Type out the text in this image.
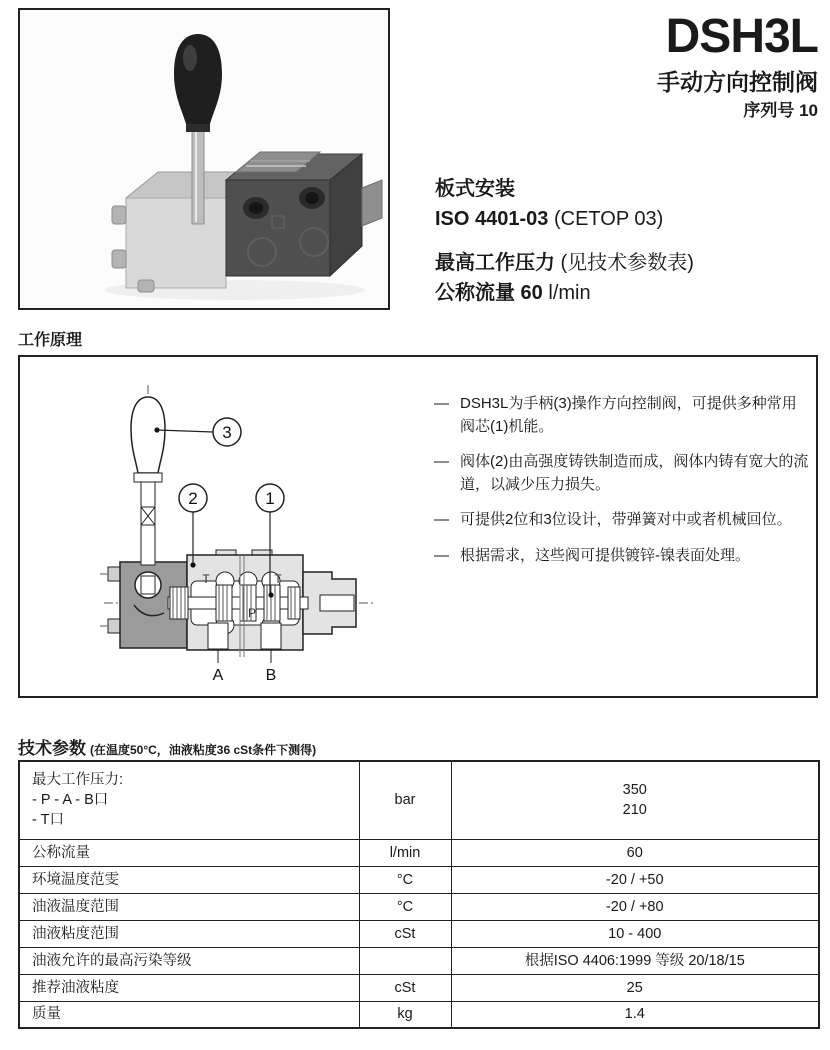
DSH3L
手动方向控制阀
序列号 10
板式安装
ISO 4401-03 (CETOP 03)
最高工作压力 (见技术参数表)
公称流量 60 l/min
工作原理
3
2	1
T	T
P
A	B
— DSH3L为手柄(3)操作方向控制阀，可提供多种常用阀芯(1)机能。
— 阀体(2)由高强度铸铁制造而成，阀体内铸有宽大的流道，以减少压力损失。
— 可提供2位和3位设计，带弹簧对中或者机械回位。
— 根据需求，这些阀可提供镀锌-镍表面处理。
技术参数 (在温度50°C，油液粘度36 cSt条件下测得)
最大工作压力:
- P - A - B口
- T口
	bar	
350
210

公称流量	l/min	60

环境温度范雯	°C	-20 / +50

油液温度范围	°C	-20 / +80

油液粘度范围	cSt	10 - 400

油液允许的最高污染等级		根据ISO 4406:1999 等级 20/18/15

推荐油液粘度	cSt	25

质量	kg	1.4
